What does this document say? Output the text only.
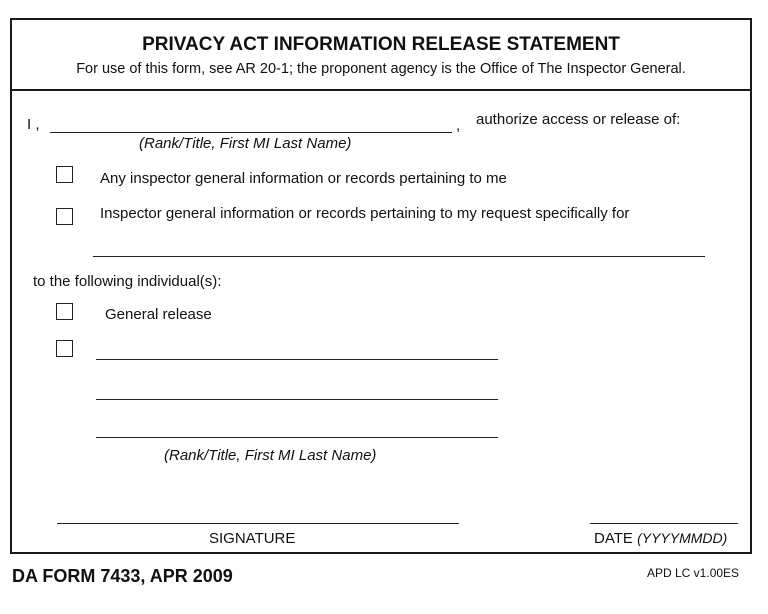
PRIVACY ACT INFORMATION RELEASE STATEMENT
For use of this form, see AR 20-1; the proponent agency is the Office of The Inspector General.
I ,	, authorize access or release of:
(Rank/Title, First MI Last Name)
Any inspector general information or records pertaining to me
Inspector general information or records pertaining to my request specifically for
to the following individual(s):
General release
(Rank/Title, First MI Last Name)
SIGNATURE	DATE (YYYYMMDD)
DA FORM 7433, APR 2009	APD LC v1.00ES
